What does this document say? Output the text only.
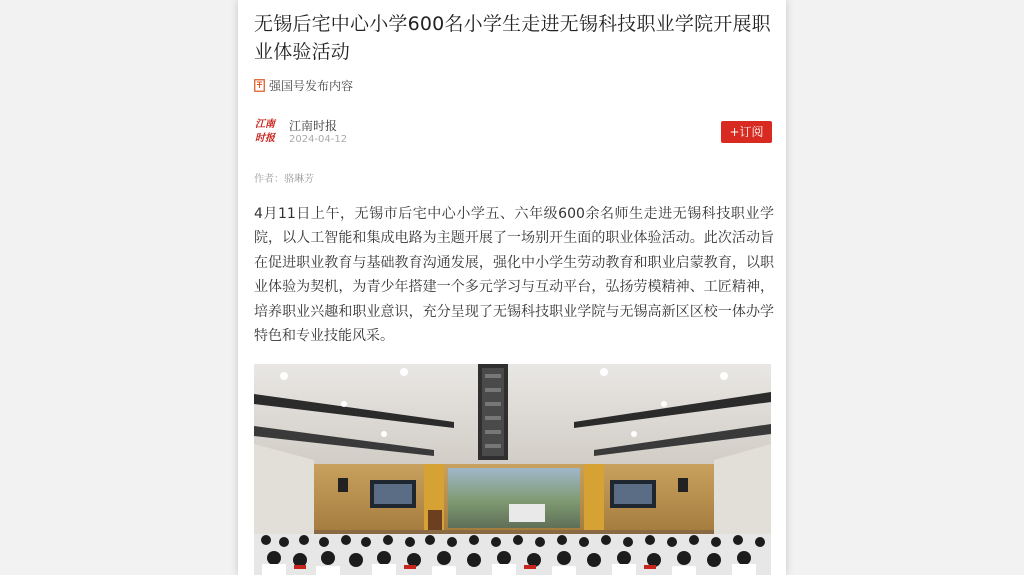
无锡后宅中心小学600名小学生走进无锡科技职业学院开展职业体验活动
强国号发布内容
江南
时报
江南时报
2024-04-12
+订阅
作者：骆琳芳
4月11日上午，无锡市后宅中心小学五、六年级600余名师生走进无锡科技职业学院，以人工智能和集成电路为主题开展了一场别开生面的职业体验活动。此次活动旨在促进职业教育与基础教育沟通发展，强化中小学生劳动教育和职业启蒙教育，以职业体验为契机，为青少年搭建一个多元学习与互动平台，弘扬劳模精神、工匠精神，培养职业兴趣和职业意识，充分呈现了无锡科技职业学院与无锡高新区区校一体办学特色和专业技能风采。
